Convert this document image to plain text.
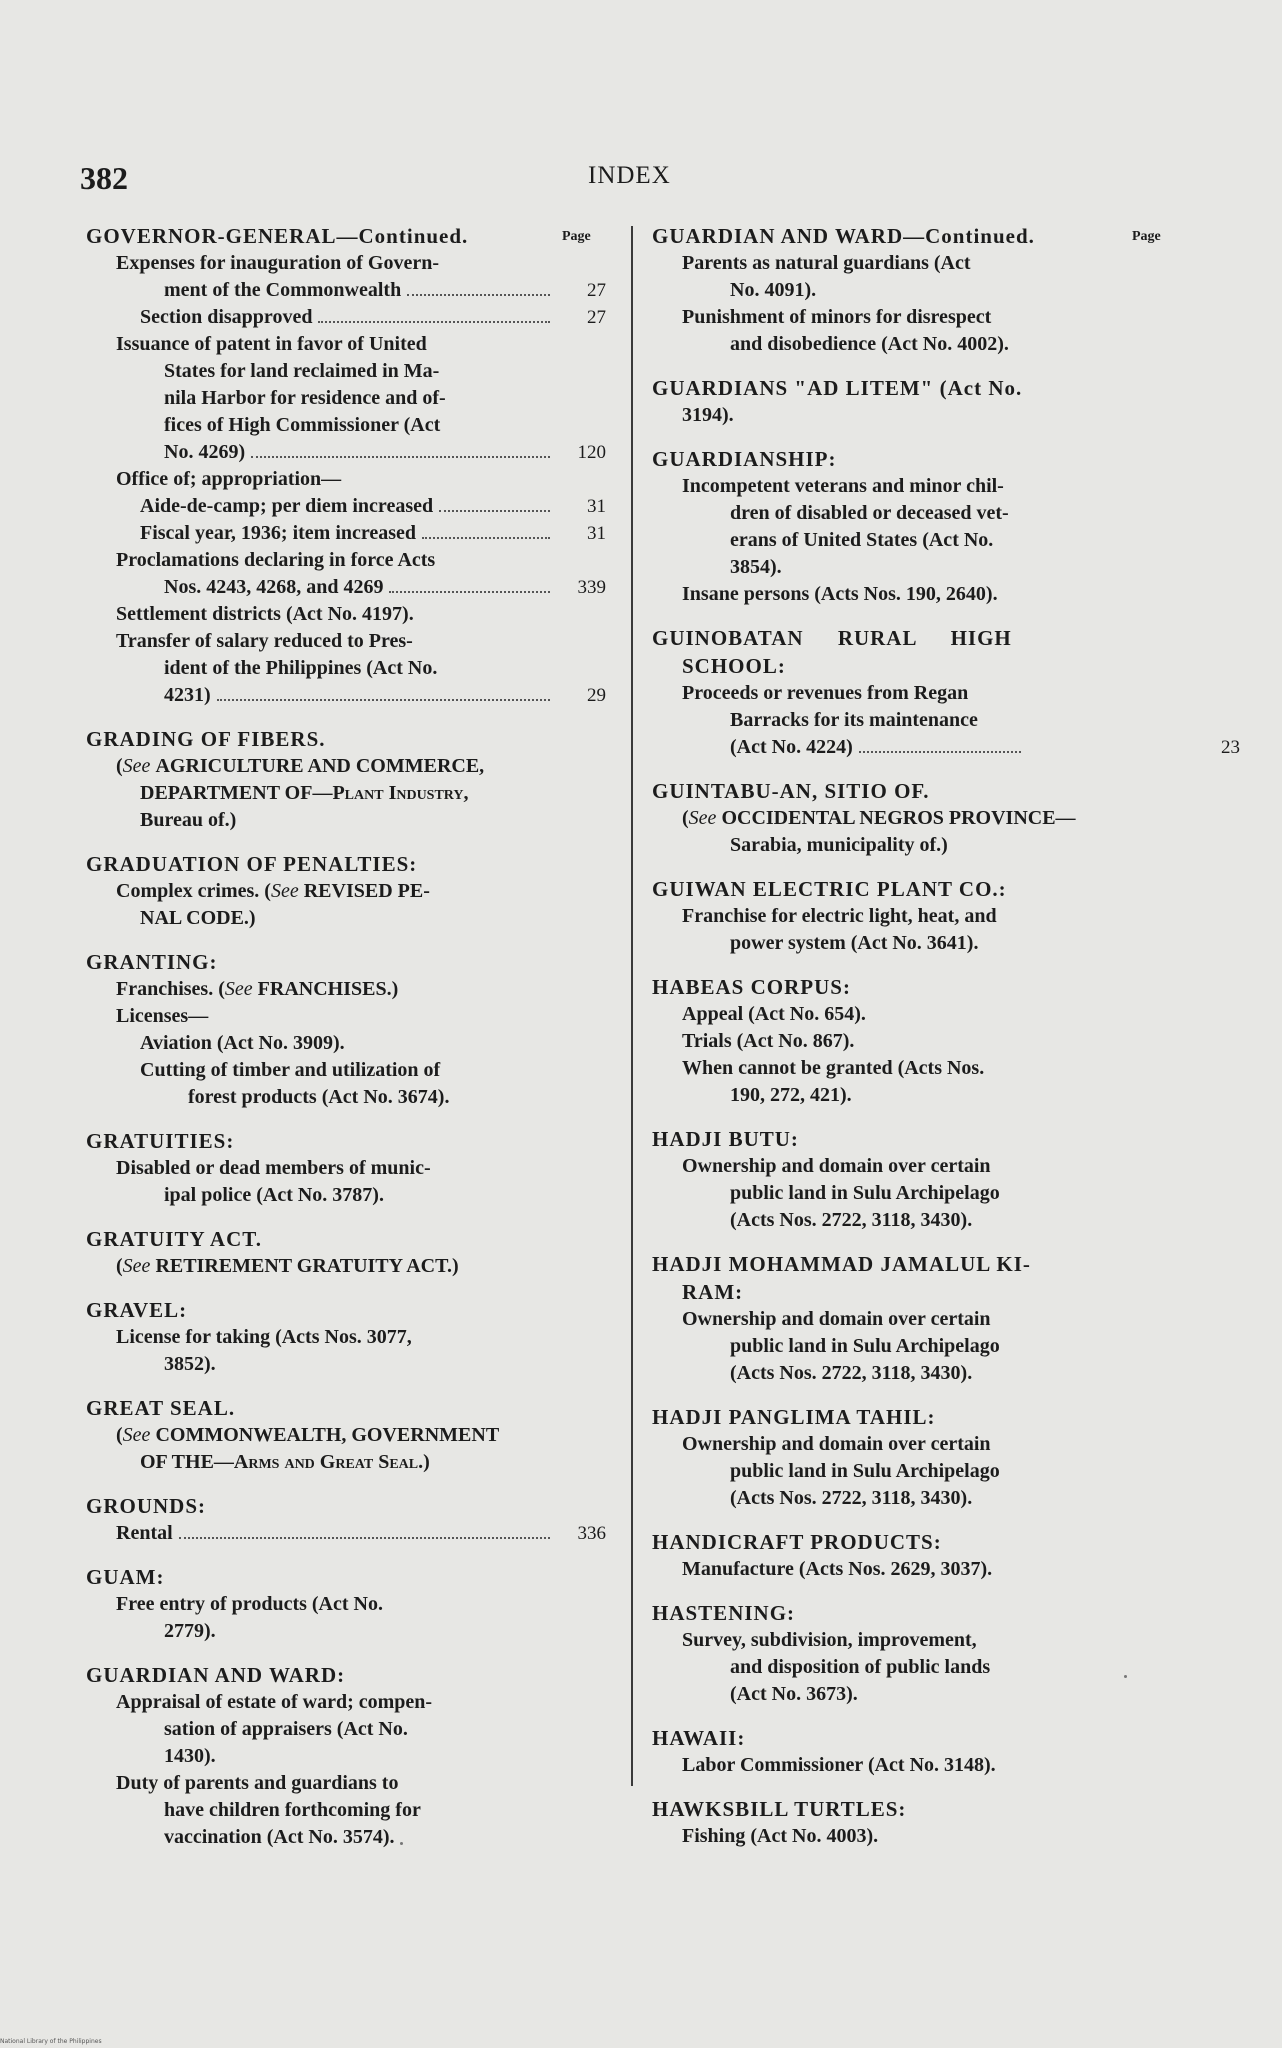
382	INDEX
Page	Page
GOVERNOR-GENERAL—Continued.
Expenses for inauguration of Govern-
ment of the Commonwealth	27
Section disapproved	27
Issuance of patent in favor of United
States for land reclaimed in Ma-
nila Harbor for residence and of-
fices of High Commissioner (Act
No. 4269)	120
Office of; appropriation—
Aide-de-camp; per diem increased	31
Fiscal year, 1936; item increased	31
Proclamations declaring in force Acts
Nos. 4243, 4268, and 4269	339
Settlement districts (Act No. 4197).
Transfer of salary reduced to Pres-
ident of the Philippines (Act No.
4231)	29
GRADING OF FIBERS.
(See AGRICULTURE AND COMMERCE,
DEPARTMENT OF—Plant Industry,
Bureau of.)
GRADUATION OF PENALTIES:
Complex crimes. (See REVISED PE-
NAL CODE.)
GRANTING:
Franchises. (See FRANCHISES.)
Licenses—
Aviation (Act No. 3909).
Cutting of timber and utilization of
forest products (Act No. 3674).
GRATUITIES:
Disabled or dead members of munic-
ipal police (Act No. 3787).
GRATUITY ACT.
(See RETIREMENT GRATUITY ACT.)
GRAVEL:
License for taking (Acts Nos. 3077,
3852).
GREAT SEAL.
(See COMMONWEALTH, GOVERNMENT
OF THE—Arms and Great Seal.)
GROUNDS:
Rental	336
GUAM:
Free entry of products (Act No.
2779).
GUARDIAN AND WARD:
Appraisal of estate of ward; compen-
sation of appraisers (Act No.
1430).
Duty of parents and guardians to
have children forthcoming for
vaccination (Act No. 3574).
GUARDIAN AND WARD—Continued.
Parents as natural guardians (Act
No. 4091).
Punishment of minors for disrespect
and disobedience (Act No. 4002).
GUARDIANS "AD LITEM" (Act No.
3194).
GUARDIANSHIP:
Incompetent veterans and minor chil-
dren of disabled or deceased vet-
erans of United States (Act No.
3854).
Insane persons (Acts Nos. 190, 2640).
GUINOBATAN RURAL HIGH
SCHOOL:
Proceeds or revenues from Regan
Barracks for its maintenance
(Act No. 4224)	23
GUINTABU-AN, SITIO OF.
(See OCCIDENTAL NEGROS PROVINCE—
Sarabia, municipality of.)
GUIWAN ELECTRIC PLANT CO.:
Franchise for electric light, heat, and
power system (Act No. 3641).
HABEAS CORPUS:
Appeal (Act No. 654).
Trials (Act No. 867).
When cannot be granted (Acts Nos.
190, 272, 421).
HADJI BUTU:
Ownership and domain over certain
public land in Sulu Archipelago
(Acts Nos. 2722, 3118, 3430).
HADJI MOHAMMAD JAMALUL KI-
RAM:
Ownership and domain over certain
public land in Sulu Archipelago
(Acts Nos. 2722, 3118, 3430).
HADJI PANGLIMA TAHIL:
Ownership and domain over certain
public land in Sulu Archipelago
(Acts Nos. 2722, 3118, 3430).
HANDICRAFT PRODUCTS:
Manufacture (Acts Nos. 2629, 3037).
HASTENING:
Survey, subdivision, improvement,
and disposition of public lands
(Act No. 3673).
HAWAII:
Labor Commissioner (Act No. 3148).
HAWKSBILL TURTLES:
Fishing (Act No. 4003).
National Library of the Philippines
